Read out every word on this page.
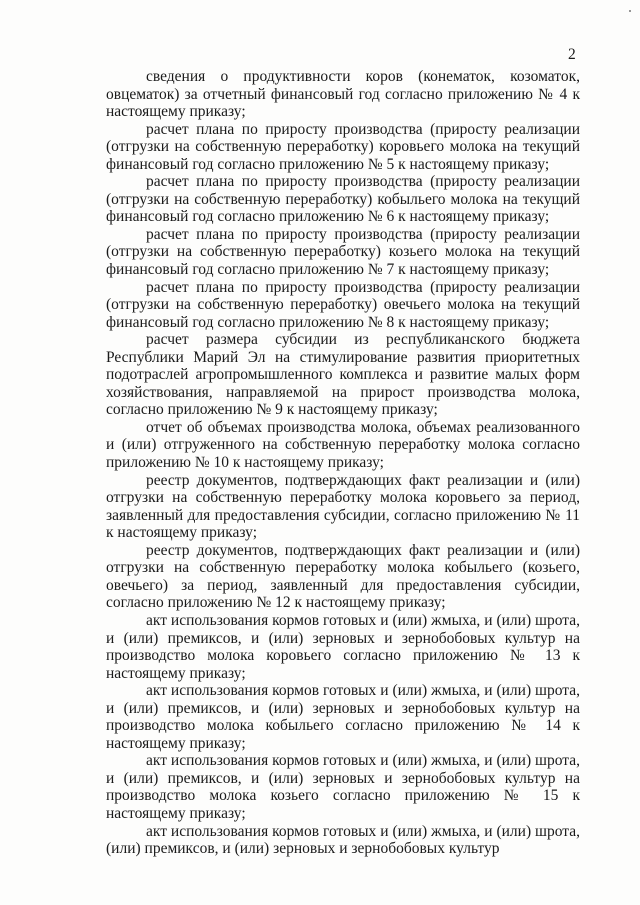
2

сведения о продуктивности коров (конематок, козоматок, овцематок) за отчетный финансовый год согласно приложению № 4 к настоящему приказу;

расчет плана по приросту производства (приросту реализации (отгрузки на собственную переработку) коровьего молока на текущий финансовый год согласно приложению № 5 к настоящему приказу;

расчет плана по приросту производства (приросту реализации (отгрузки на собственную переработку) кобыльего молока на текущий финансовый год согласно приложению № 6 к настоящему приказу;

расчет плана по приросту производства (приросту реализации (отгрузки на собственную переработку) козьего молока на текущий финансовый год согласно приложению № 7 к настоящему приказу;

расчет плана по приросту производства (приросту реализации (отгрузки на собственную переработку) овечьего молока на текущий финансовый год согласно приложению № 8 к настоящему приказу;

расчет размера субсидии из республиканского бюджета Республики Марий Эл на стимулирование развития приоритетных подотраслей агропромышленного комплекса и развитие малых форм хозяйствования, направляемой на прирост производства молока, согласно приложению № 9 к настоящему приказу;

отчет об объемах производства молока, объемах реализованного и (или) отгруженного на собственную переработку молока согласно приложению № 10 к настоящему приказу;

реестр документов, подтверждающих факт реализации и (или) отгрузки на собственную переработку молока коровьего за период, заявленный для предоставления субсидии, согласно приложению № 11 к настоящему приказу;

реестр документов, подтверждающих факт реализации и (или) отгрузки на собственную переработку молока кобыльего (козьего, овечьего) за период, заявленный для предоставления субсидии, согласно приложению № 12 к настоящему приказу;

акт использования кормов готовых и (или) жмыха, и (или) шрота, и (или) премиксов, и (или) зерновых и зернобобовых культур на производство молока коровьего согласно приложению № 13 к настоящему приказу;

акт использования кормов готовых и (или) жмыха, и (или) шрота, и (или) премиксов, и (или) зерновых и зернобобовых культур на производство молока кобыльего согласно приложению № 14 к настоящему приказу;

акт использования кормов готовых и (или) жмыха, и (или) шрота, и (или) премиксов, и (или) зерновых и зернобобовых культур на производство молока козьего согласно приложению № 15 к настоящему приказу;

акт использования кормов готовых и (или) жмыха, и (или) шрота, (или) премиксов, и (или) зерновых и зернобобовых культур
